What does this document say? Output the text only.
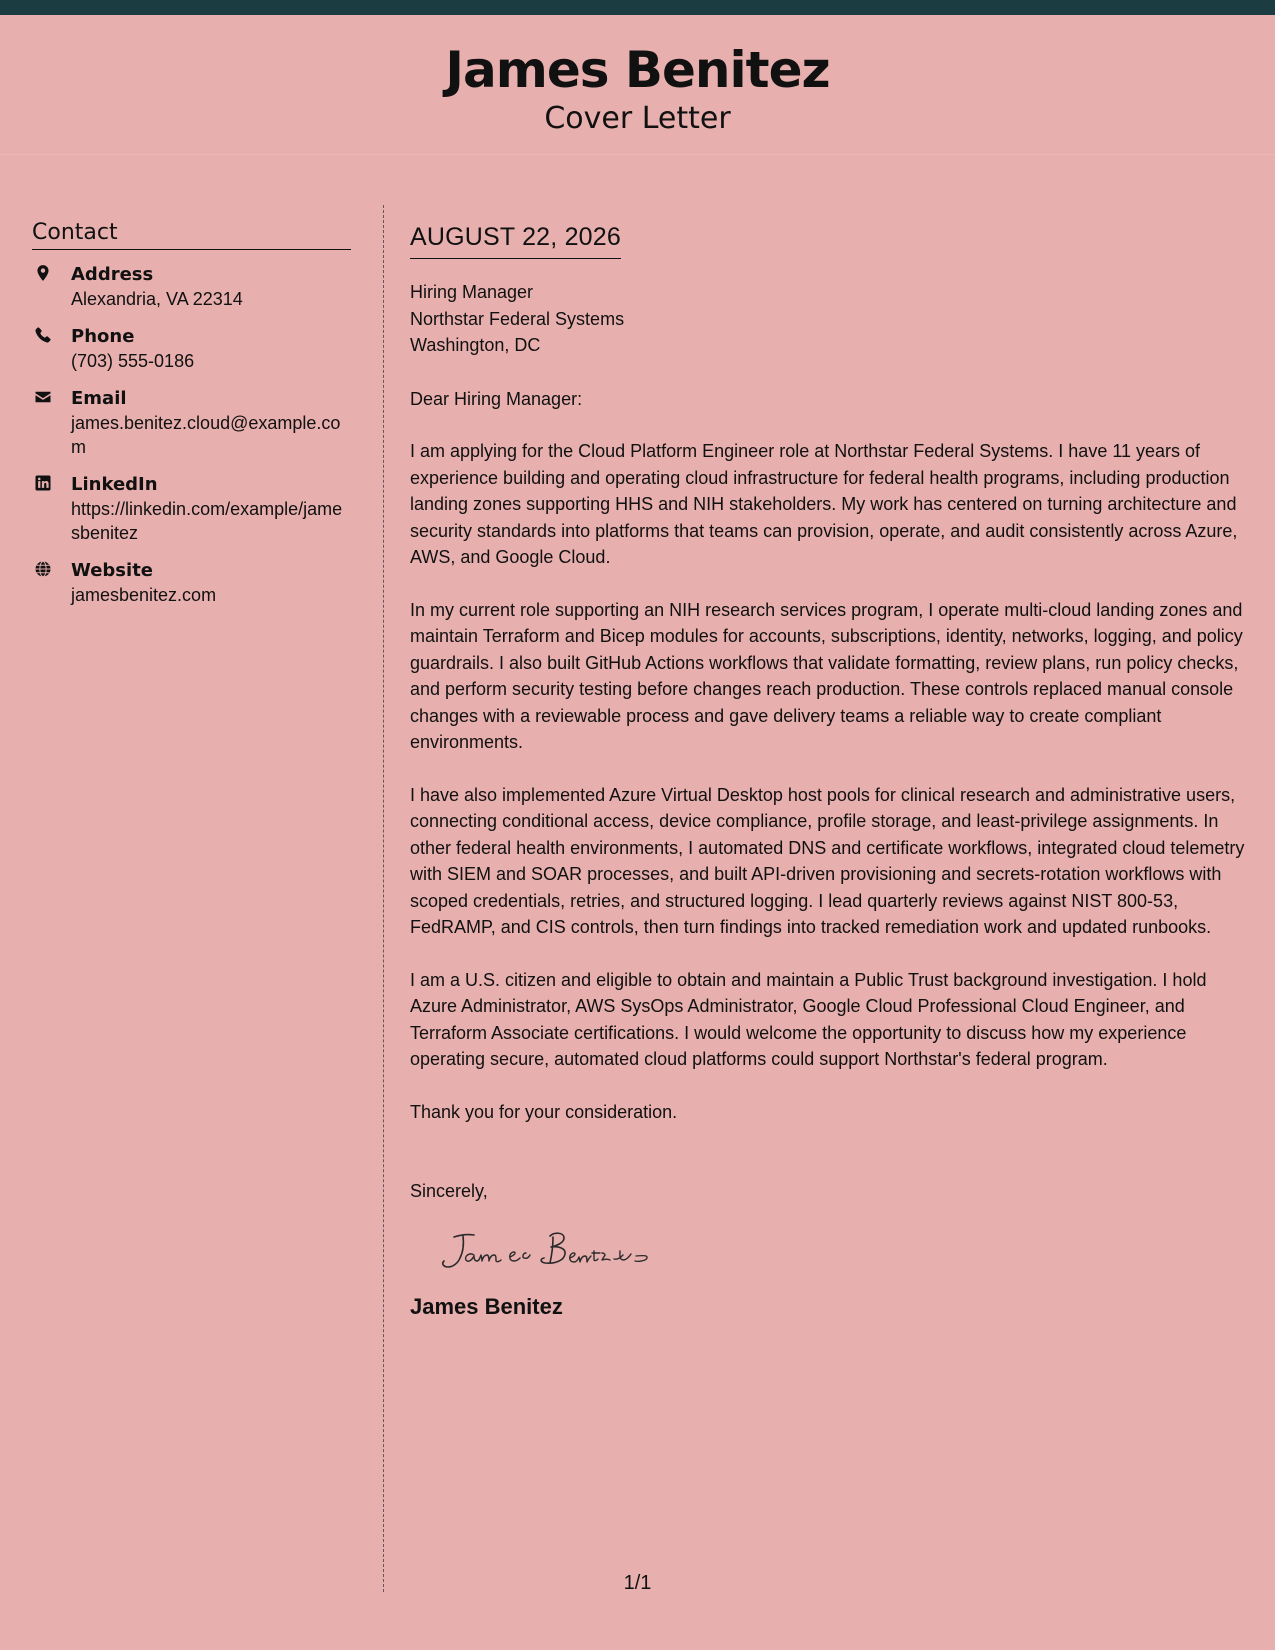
James Benitez
Cover Letter
Contact
Address
Alexandria, VA 22314
Phone
(703) 555-0186
Email
james.benitez.cloud@example.com
LinkedIn
https://linkedin.com/example/jamesbenitez
Website
jamesbenitez.com
AUGUST 22, 2026
Hiring Manager
Northstar Federal Systems
Washington, DC
Dear Hiring Manager:

I am applying for the Cloud Platform Engineer role at Northstar Federal Systems. I have 11 years of experience building and operating cloud infrastructure for federal health programs, including production landing zones supporting HHS and NIH stakeholders. My work has centered on turning architecture and security standards into platforms that teams can provision, operate, and audit consistently across Azure, AWS, and Google Cloud.

In my current role supporting an NIH research services program, I operate multi-cloud landing zones and maintain Terraform and Bicep modules for accounts, subscriptions, identity, networks, logging, and policy guardrails. I also built GitHub Actions workflows that validate formatting, review plans, run policy checks, and perform security testing before changes reach production. These controls replaced manual console changes with a reviewable process and gave delivery teams a reliable way to create compliant environments.

I have also implemented Azure Virtual Desktop host pools for clinical research and administrative users, connecting conditional access, device compliance, profile storage, and least-privilege assignments. In other federal health environments, I automated DNS and certificate workflows, integrated cloud telemetry with SIEM and SOAR processes, and built API-driven provisioning and secrets-rotation workflows with scoped credentials, retries, and structured logging. I lead quarterly reviews against NIST 800-53, FedRAMP, and CIS controls, then turn findings into tracked remediation work and updated runbooks.

I am a U.S. citizen and eligible to obtain and maintain a Public Trust background investigation. I hold Azure Administrator, AWS SysOps Administrator, Google Cloud Professional Cloud Engineer, and Terraform Associate certifications. I would welcome the opportunity to discuss how my experience operating secure, automated cloud platforms could support Northstar's federal program.

Thank you for your consideration.
Sincerely,
James Benitez
1/1
